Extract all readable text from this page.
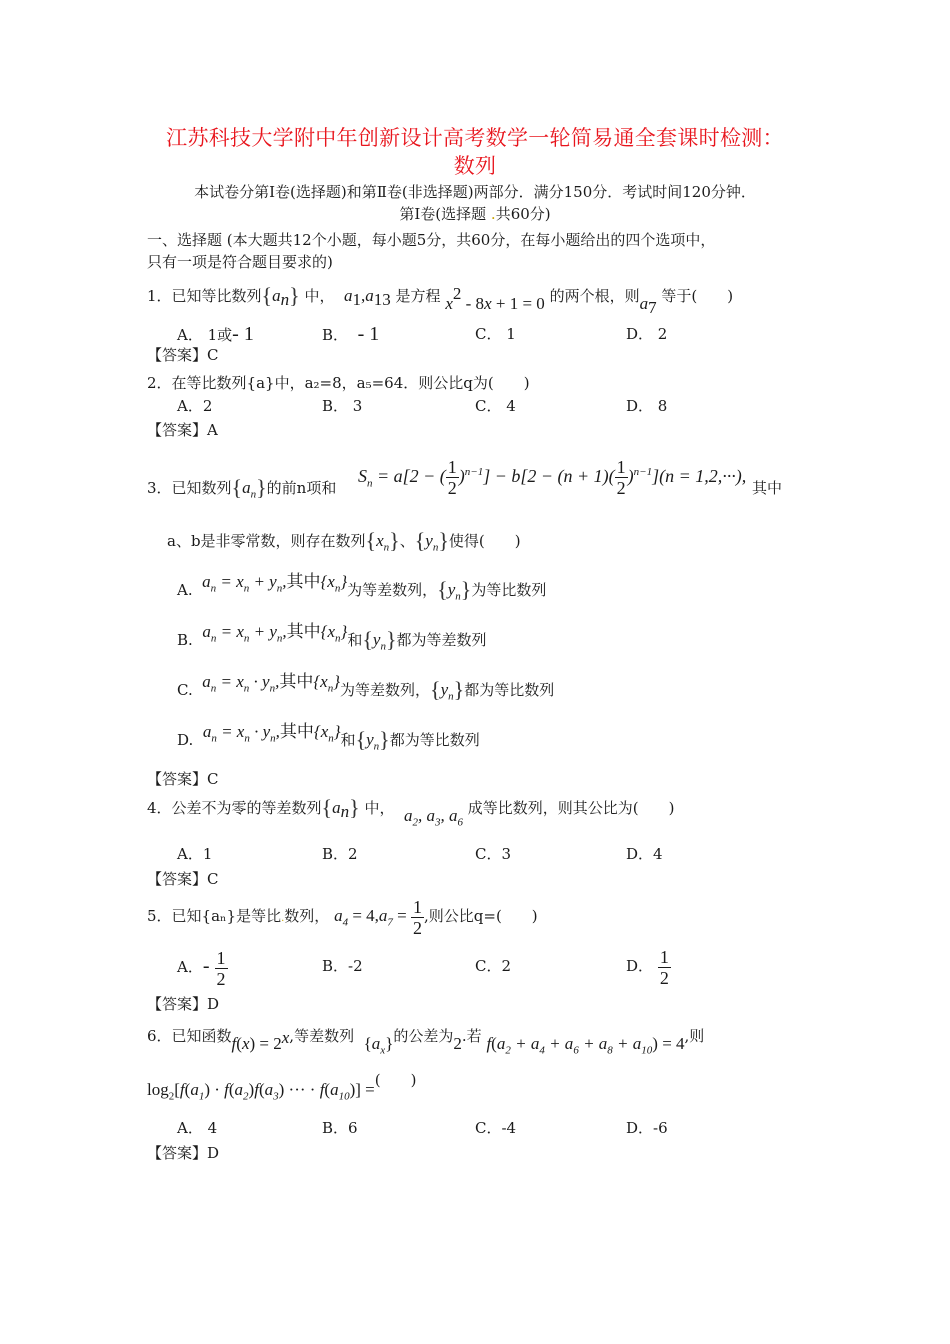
江苏科技大学附中年创新设计高考数学一轮简易通全套课时检测：
数列
本试卷分第Ⅰ卷(选择题)和第Ⅱ卷(非选择题)两部分．满分150分．考试时间120分钟．
第Ⅰ卷(选择题 .共60分)
一、选择题 (本大题共12个小题，每小题5分，共60分，在每小题给出的四个选项中，
只有一项是符合题目要求的)
1．已知等比数列$\{a_n\}$ 中， $a_1,a_{13}$ 是方程 $x^2 - 8x + 1 = 0$ 的两个根，则$a_7$ 等于(　　)
A． 1或- 1	B． - 1	C． 1	D． 2
【答案】C
2．在等比数列{a}中，a₂=8，a₅=64．则公比q为(　　)
A．2	B． 3	C． 4	D． 8
【答案】A
3．已知数列$\{a_n\}$的前n项和
$S_n = a[2$ − ( $\frac{1}{2} )^{n-1}] - b[2 - (n + 1)( \frac{1}{2} )^{n-1}](n = 1,2,\cdot\cdot\cdot)$,
其中
a、b是非零常数，则存在数列$\{x_n\}$、$\{y_n\}$使得(　　)
A. $a_n = x_n + y_n$,其中$\{x_n\}$为等差数列，$\{y_n\}$为等比数列
B. $a_n = x_n + y_n$,其中$\{x_n\}$和$\{y_n\}$都为等差数列
C. $a_n = x_n \cdot y_n$,其中$\{x_n\}$为等差数列，$\{y_n\}$都为等比数列
D. $a_n = x_n \cdot y_n$,其中$\{x_n\}$和$\{y_n\}$都为等比数列
【答案】C
4．公差不为零的等差数列$\{a_n\}$ 中， $a_2$, $a_3$, $a_6$ 成等比数列，则其公比为(　　)
A．1	B．2	C．3	D．4
【答案】C
5．已知{aₙ}是等比.数列， $a_4 = 4,a_7 = \frac{1}{2}$ ,则公比q=(　　)
A．- $\frac{1}{2}$	B．-2	C．2	D． $\frac{1}{2}$
【答案】D
6．已知函数$f(x) = 2^x$,等差数列 $\{a_x\}$的公差为2.若 $f(a_2 + a_4 + a_6 + a_8 + a_{10}) = 4$,则
$\log_2[f(a_1) \cdot f(a_2)f(a_3)$ ··· · $f(a_{10})$] =(　　)
A． 4	B．6	C．-4	D．-6
【答案】D
